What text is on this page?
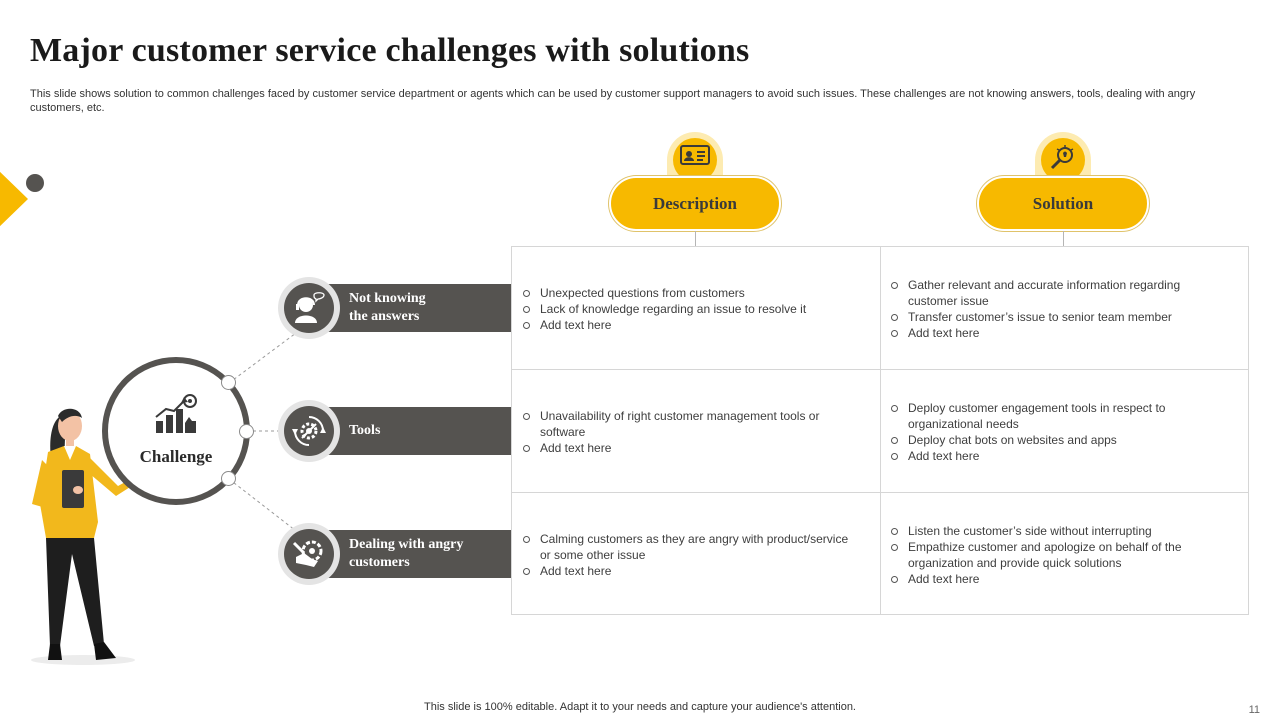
Major customer service challenges with solutions
This slide shows solution to common challenges faced by customer service department or agents which can be used by customer support managers to avoid such issues. These challenges are not knowing answers, tools, dealing with angry customers, etc.
Challenge
Not knowing
the answers
Tools
Dealing with angry
customers
Description	Solution
Unexpected questions from customers
Lack of knowledge regarding an issue to resolve it
Add text here
Gather relevant and accurate information regarding customer issue
Transfer customer’s issue to senior team member
Add text here
Unavailability of right customer management tools or software
Add text here
Deploy customer engagement tools in respect to organizational needs
Deploy chat bots on websites and apps
Add text here
Calming customers as they are angry with product/service or some other issue
Add text here
Listen the customer’s side without interrupting
Empathize customer and apologize on behalf of the organization and provide quick solutions
Add text here
This slide is 100% editable. Adapt it to your needs and capture your audience's attention.	11
